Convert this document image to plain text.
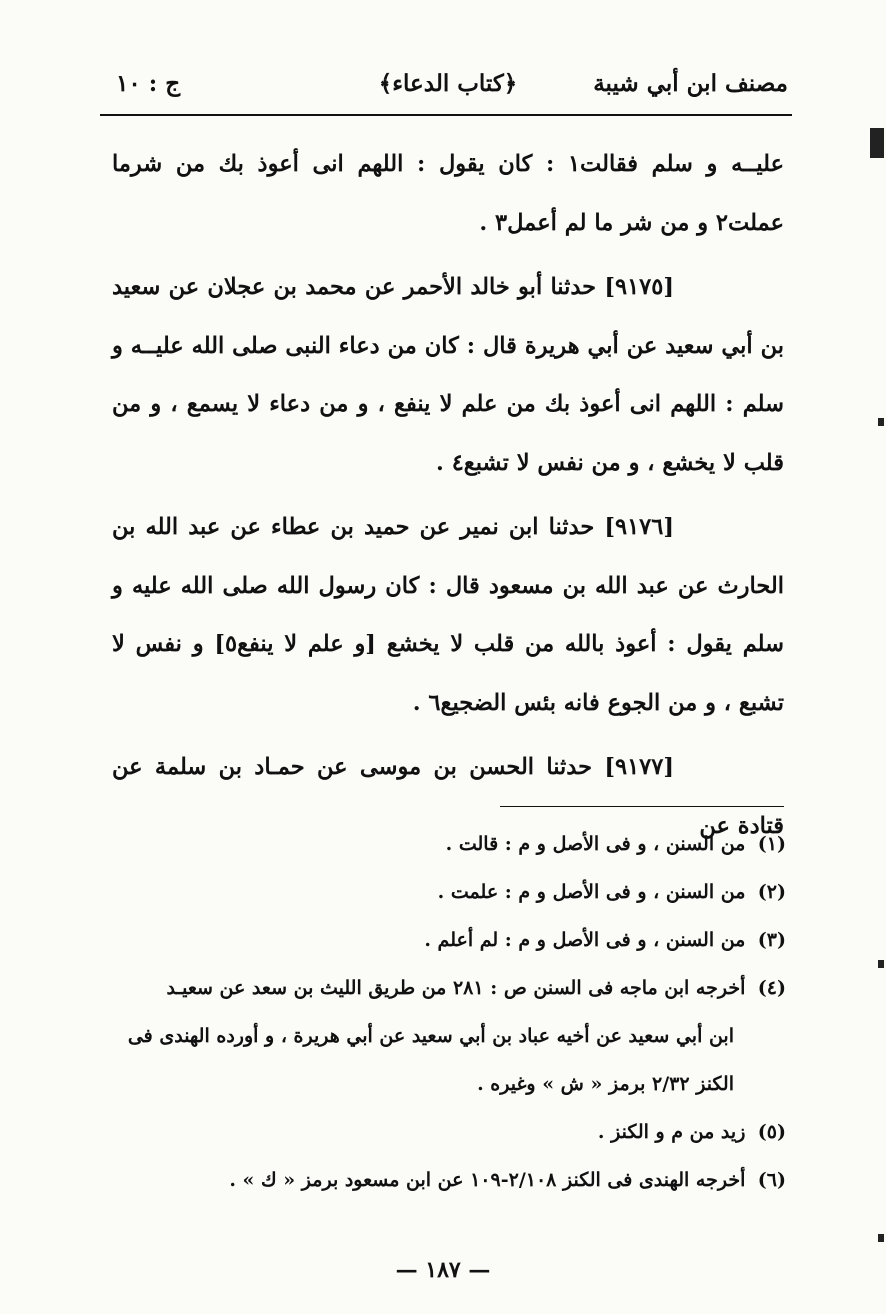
مصنف ابن أبي شيبة
﴿كتاب الدعاء﴾
ج : ١٠

عليــه و سلم فقالت١ : كان يقول : اللهم انى أعوذ بك من شرما عملت٢ و من شر ما لم أعمل٣ .

[٩١٧٥] حدثنا أبو خالد الأحمر عن محمد بن عجلان عن سعيد بن أبي سعيد عن أبي هريرة قال : كان من دعاء النبى صلى الله عليــه و سلم : اللهم انى أعوذ بك من علم لا ينفع ، و من دعاء لا يسمع ، و من قلب لا يخشع ، و من نفس لا تشبع٤ .

[٩١٧٦] حدثنا ابن نمير عن حميد بن عطاء عن عبد الله بن الحارث عن عبد الله بن مسعود قال : كان رسول الله صلى الله عليه و سلم يقول : أعوذ بالله من قلب لا يخشع [و علم لا ينفع٥] و نفس لا تشبع ، و من الجوع فانه بئس الضجيع٦ .

[٩١٧٧] حدثنا الحسن بن موسى عن حمـاد بن سلمة عن قتادة عن

(١) من السنن ، و فى الأصل و م : قالت .
(٢) من السنن ، و فى الأصل و م : علمت .
(٣) من السنن ، و فى الأصل و م : لم أعلم .
(٤) أخرجه ابن ماجه فى السنن ص : ٢٨١ من طريق الليث بن سعد عن سعيـد
ابن أبي سعيد عن أخيه عباد بن أبي سعيد عن أبي هريرة ، و أورده الهندى فى
الكنز ٢/٣٢ برمز « ش » وغيره .
(٥) زيد من م و الكنز .
(٦) أخرجه الهندى فى الكنز ٢/١٠٨-١٠٩ عن ابن مسعود برمز « ك » .
— ١٨٧ —
